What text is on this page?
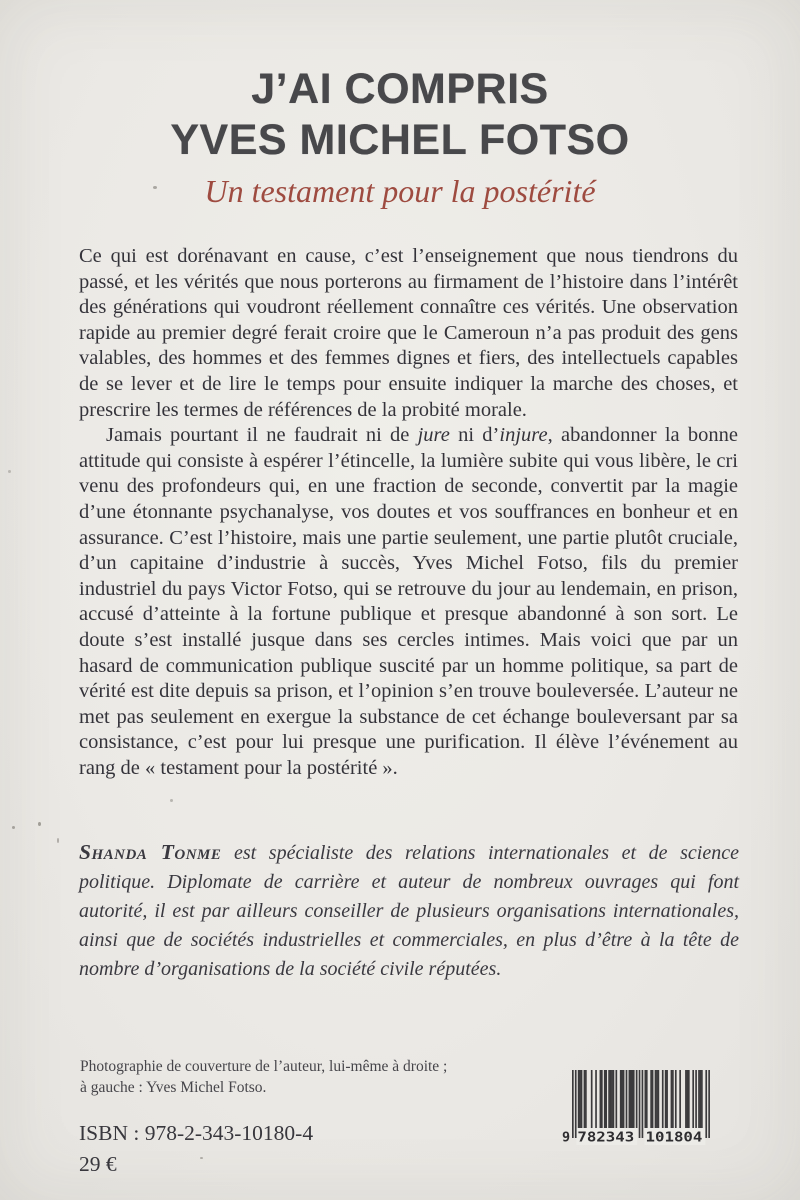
J’AI COMPRIS
YVES MICHEL FOTSO
Un testament pour la postérité

Ce qui est dorénavant en cause, c’est l’enseignement que nous tiendrons du passé, et les vérités que nous porterons au firmament de l’histoire dans l’intérêt des générations qui voudront réellement connaître ces vérités. Une observation rapide au premier degré ferait croire que le Cameroun n’a pas produit des gens valables, des hommes et des femmes dignes et fiers, des intellectuels capables de se lever et de lire le temps pour ensuite indiquer la marche des choses, et prescrire les termes de références de la probité morale.

Jamais pourtant il ne faudrait ni de jure ni d’injure, abandonner la bonne attitude qui consiste à espérer l’étincelle, la lumière subite qui vous libère, le cri venu des profondeurs qui, en une fraction de seconde, convertit par la magie d’une étonnante psychanalyse, vos doutes et vos souffrances en bonheur et en assurance. C’est l’histoire, mais une partie seulement, une partie plutôt cruciale, d’un capitaine d’industrie à succès, Yves Michel Fotso, fils du premier industriel du pays Victor Fotso, qui se retrouve du jour au lendemain, en prison, accusé d’atteinte à la fortune publique et presque abandonné à son sort. Le doute s’est installé jusque dans ses cercles intimes. Mais voici que par un hasard de communication publique suscité par un homme politique, sa part de vérité est dite depuis sa prison, et l’opinion s’en trouve bouleversée. L’auteur ne met pas seulement en exergue la substance de cet échange bouleversant par sa consistance, c’est pour lui presque une purification. Il élève l’événement au rang de « testament pour la postérité ».

Shanda Tonme est spécialiste des relations internationales et de science politique. Diplomate de carrière et auteur de nombreux ouvrages qui font autorité, il est par ailleurs conseiller de plusieurs organisations internationales, ainsi que de sociétés industrielles et commerciales, en plus d’être à la tête de nombre d’organisations de la société civile réputées.

Photographie de couverture de l’auteur, lui-même à droite ;
à gauche : Yves Michel Fotso.
ISBN : 978-2-343-10180-4
29 €
9 782343 101804
